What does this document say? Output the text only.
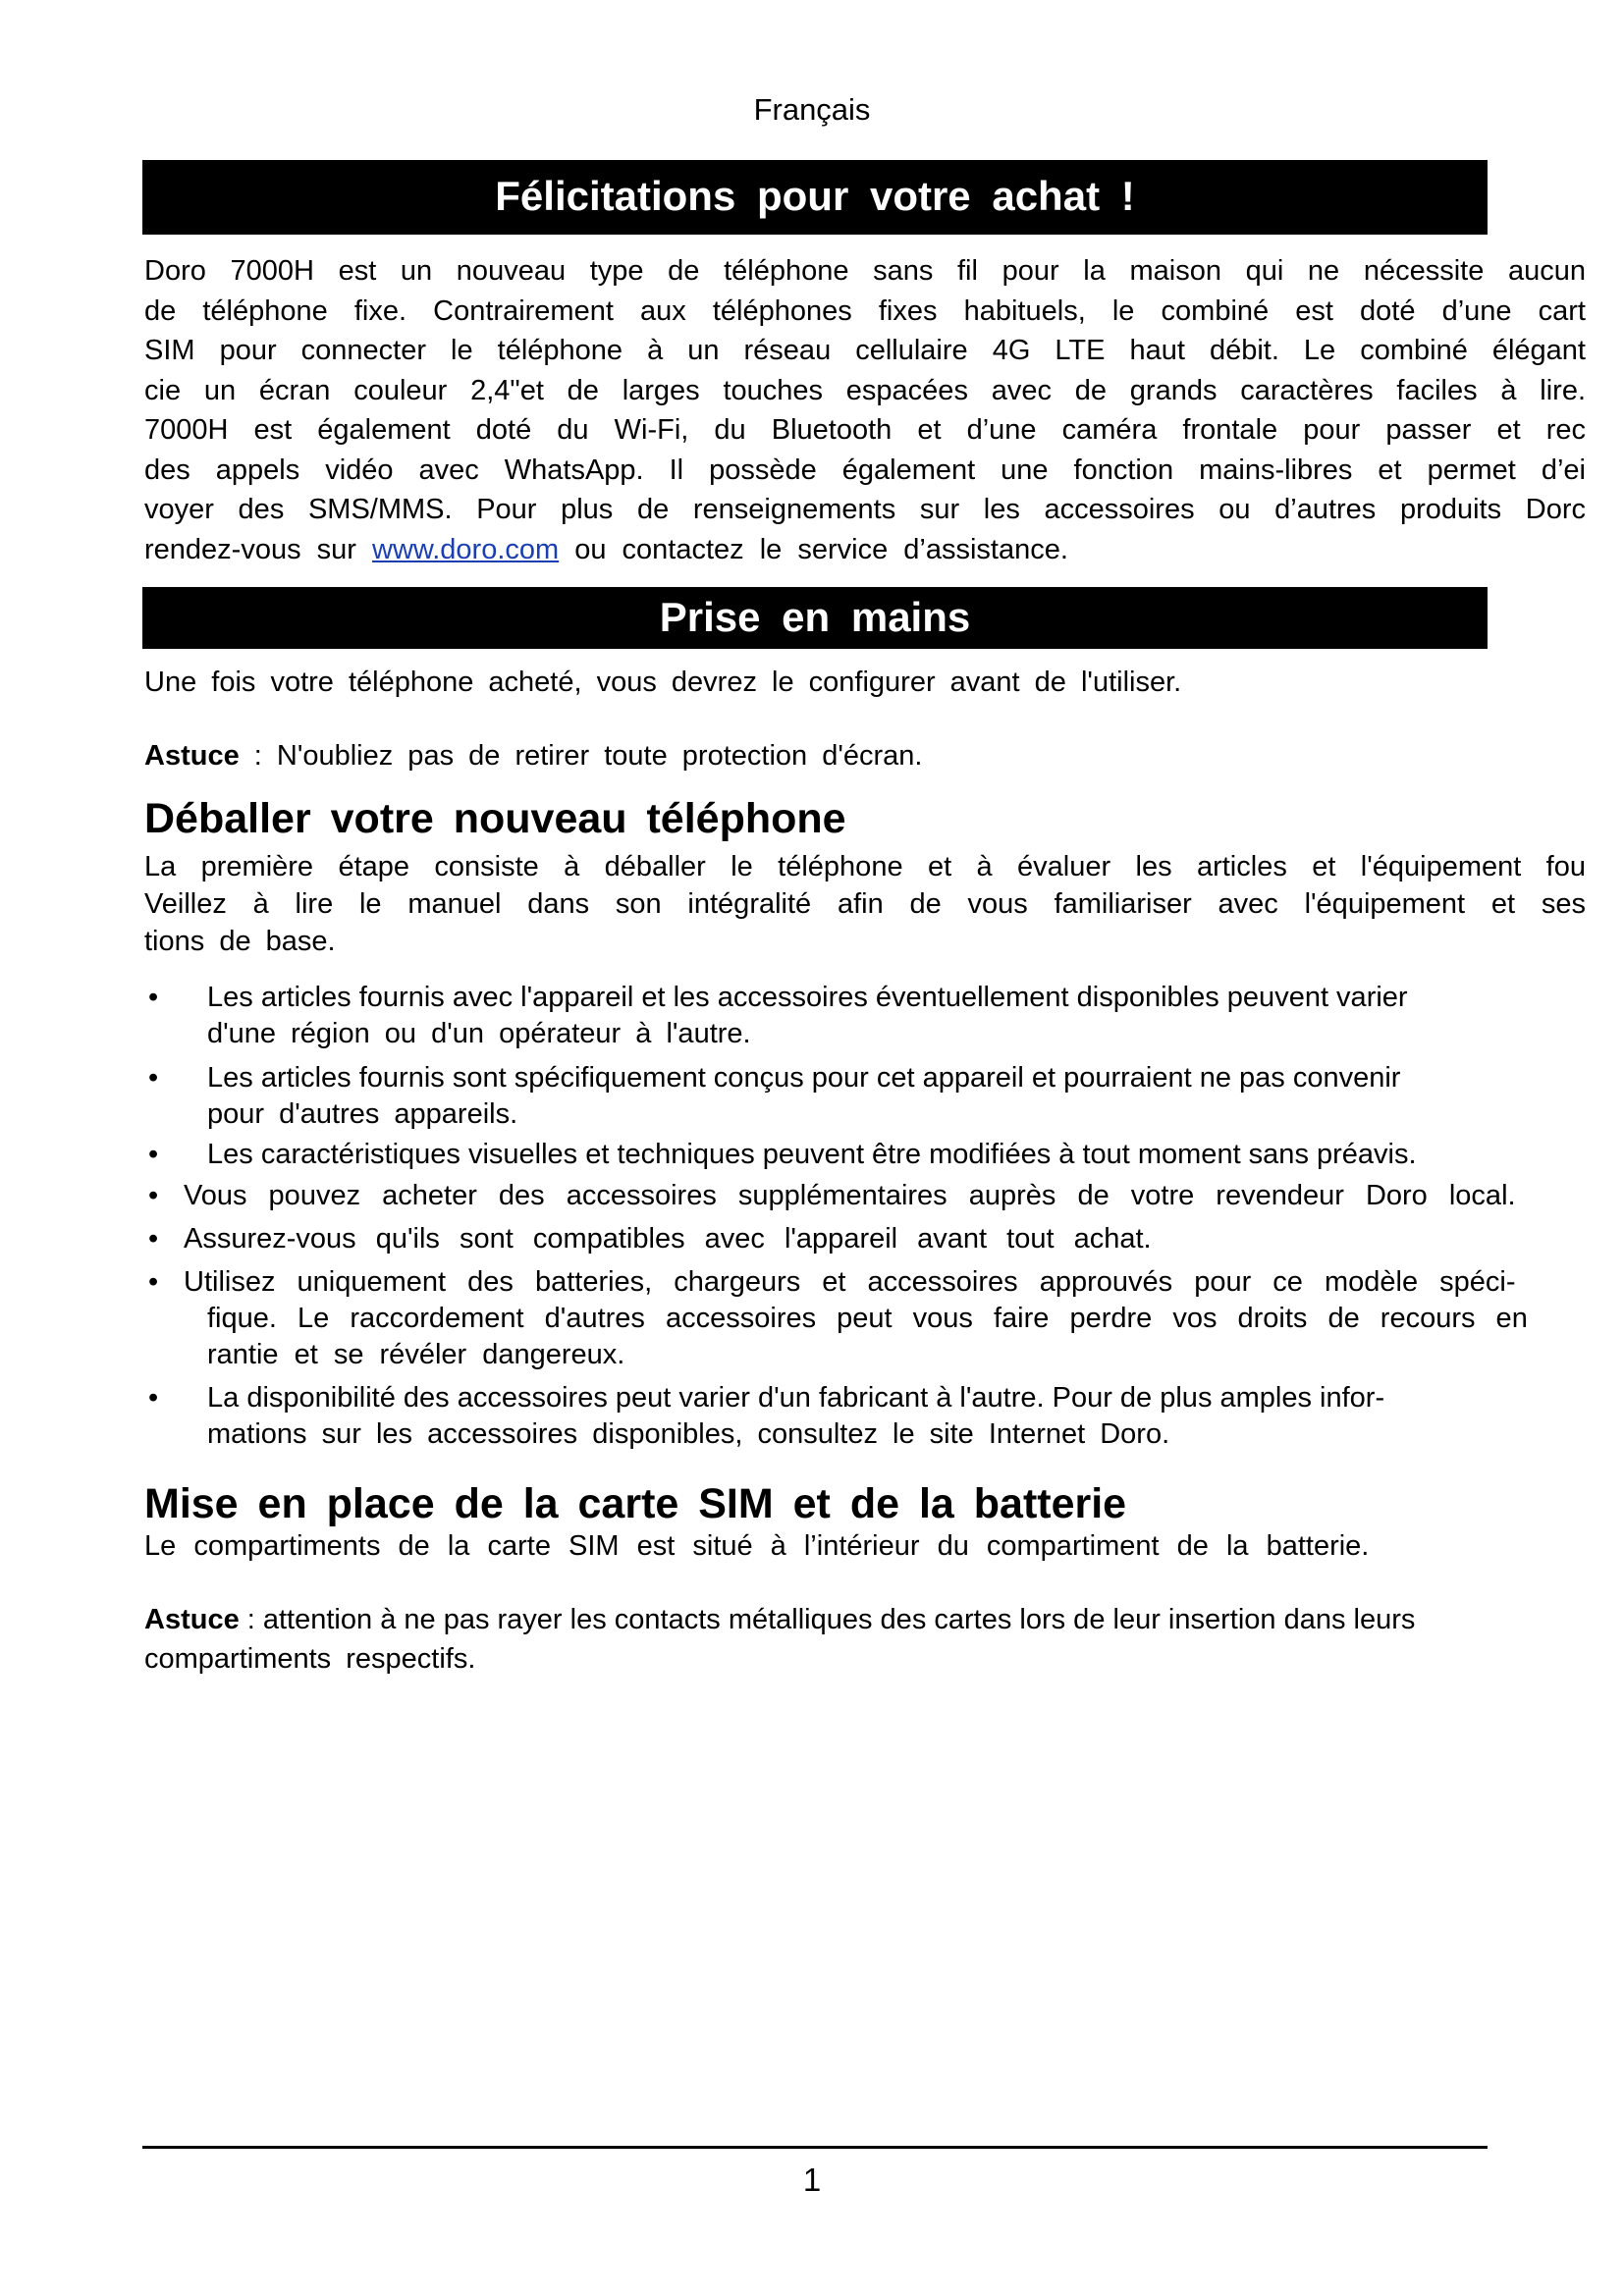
Français
Félicitations pour votre achat !
Doro 7000H est un nouveau type de téléphone sans fil pour la maison qui ne nécessite aucun
de téléphone fixe. Contrairement aux téléphones fixes habituels, le combiné est doté d’une cart
SIM pour connecter le téléphone à un réseau cellulaire 4G LTE haut débit. Le combiné élégant
cie un écran couleur 2,4"et de larges touches espacées avec de grands caractères faciles à lire.
7000H est également doté du Wi-Fi, du Bluetooth et d’une caméra frontale pour passer et rec
des appels vidéo avec WhatsApp. Il possède également une fonction mains-libres et permet d’ei
voyer des SMS/MMS. Pour plus de renseignements sur les accessoires ou d’autres produits Dorc
rendez-vous sur www.doro.com ou contactez le service d’assistance.
Prise en mains
Une fois votre téléphone acheté, vous devrez le configurer avant de l'utiliser.
Astuce : N'oubliez pas de retirer toute protection d'écran.
Déballer votre nouveau téléphone
La première étape consiste à déballer le téléphone et à évaluer les articles et l'équipement fou
Veillez à lire le manuel dans son intégralité afin de vous familiariser avec l'équipement et ses
tions de base.
• Les articles fournis avec l'appareil et les accessoires éventuellement disponibles peuvent varier
d'une région ou d'un opérateur à l'autre.
• Les articles fournis sont spécifiquement conçus pour cet appareil et pourraient ne pas convenir
pour d'autres appareils.
• Les caractéristiques visuelles et techniques peuvent être modifiées à tout moment sans préavis.
• Vous pouvez acheter des accessoires supplémentaires auprès de votre revendeur Doro local.
• Assurez-vous qu'ils sont compatibles avec l'appareil avant tout achat.
• Utilisez uniquement des batteries, chargeurs et accessoires approuvés pour ce modèle spéci-
fique. Le raccordement d'autres accessoires peut vous faire perdre vos droits de recours en
rantie et se révéler dangereux.
• La disponibilité des accessoires peut varier d'un fabricant à l'autre. Pour de plus amples infor-
mations sur les accessoires disponibles, consultez le site Internet Doro.
Mise en place de la carte SIM et de la batterie
Le compartiments de la carte SIM est situé à l’intérieur du compartiment de la batterie.
Astuce : attention à ne pas rayer les contacts métalliques des cartes lors de leur insertion dans leurs
compartiments respectifs.
1
